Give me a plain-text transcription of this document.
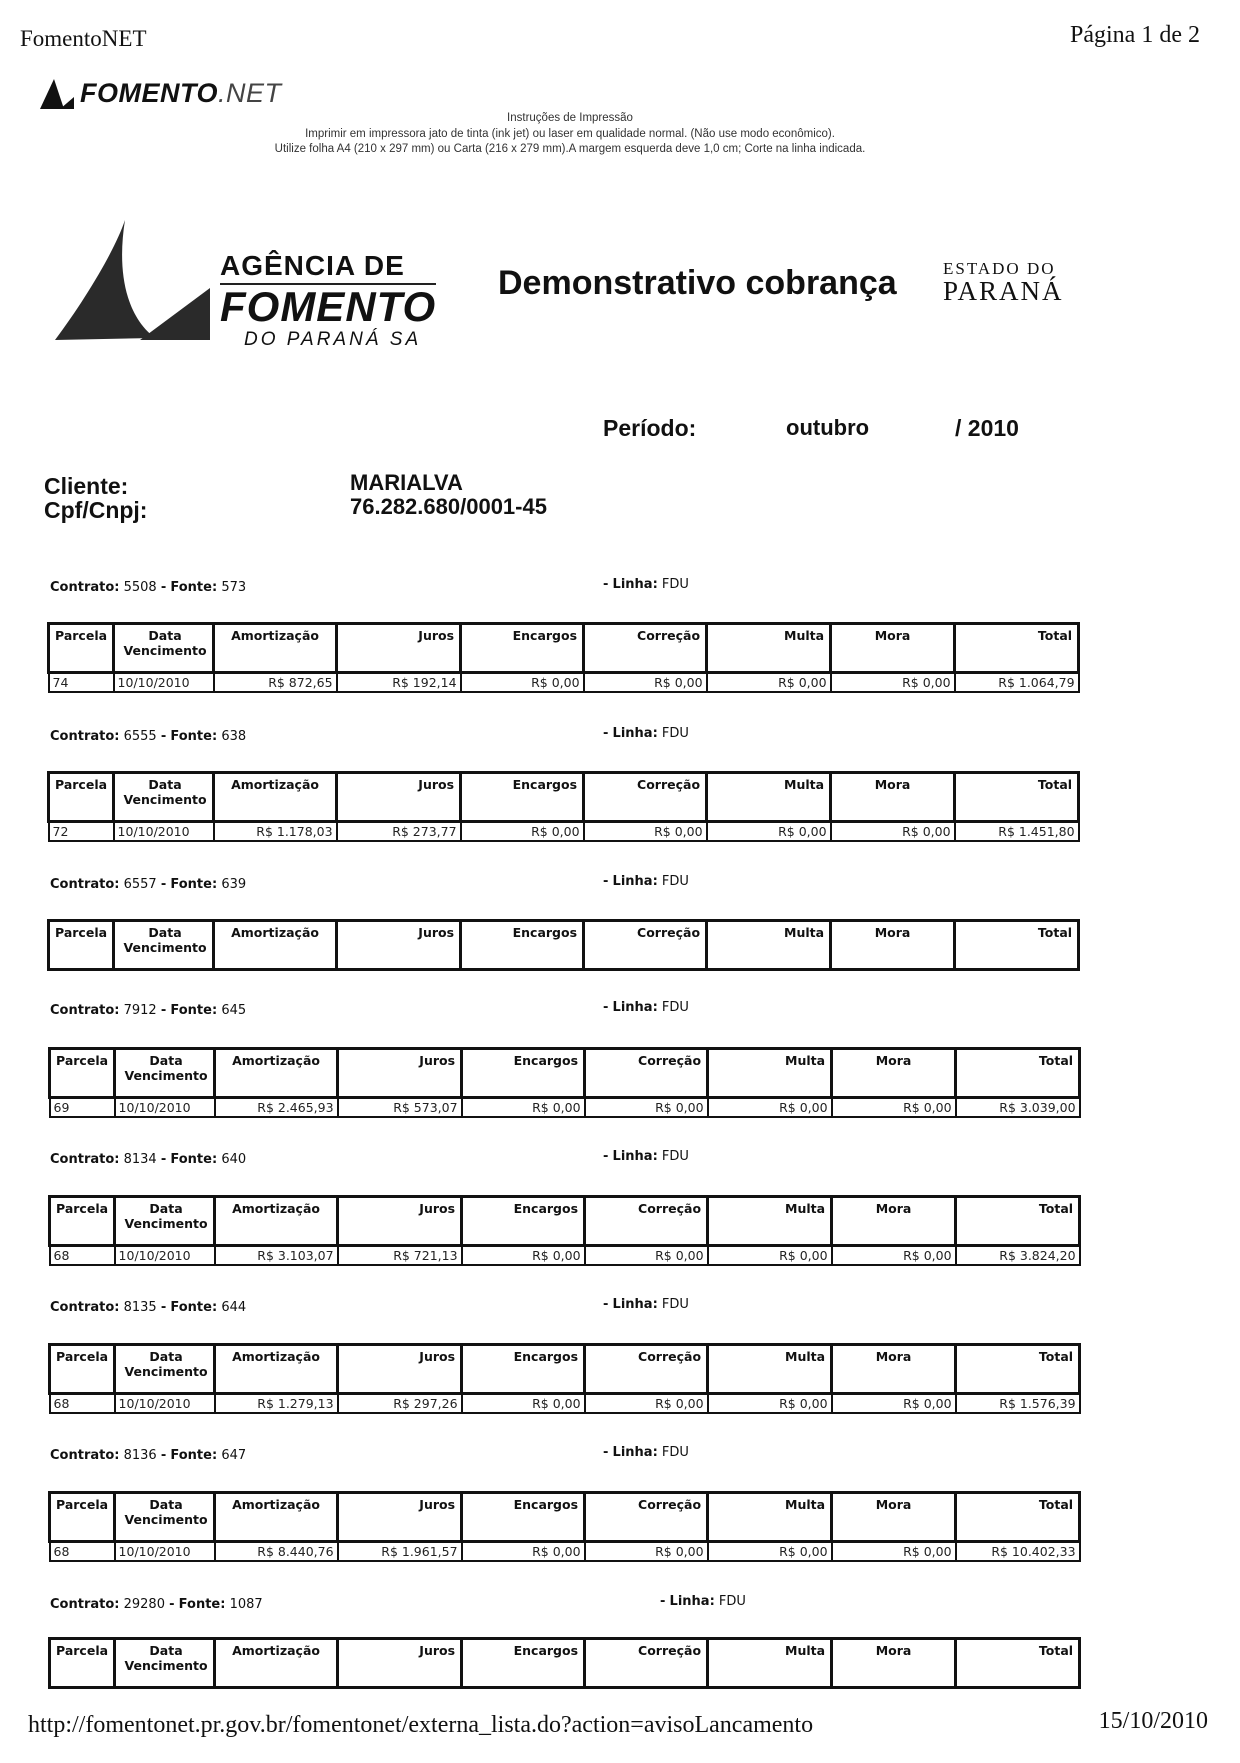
FomentoNET	Página 1 de 2
FOMENTO.NET
Instruções de Impressão
Imprimir em impressora jato de tinta (ink jet) ou laser em qualidade normal. (Não use modo econômico).
Utilize folha A4 (210 x 297 mm) ou Carta (216 x 279 mm).A margem esquerda deve 1,0 cm; Corte na linha indicada.
AGÊNCIA DE
FOMENTO
DO PARANÁ SA
Demonstrativo cobrança	ESTADO DO
PARANÁ
Período:	outubro	/ 2010
Cliente:
Cpf/Cnpj:
MARIALVA
76.282.680/0001-45
Contrato: 5508 - Fonte: 573	- Linha: FDU
Parcela	Data Vencimento	Amortização	Juros	Encargos	Correção	Multa	Mora	Total
74	10/10/2010	R$ 872,65	R$ 192,14	R$ 0,00	R$ 0,00	R$ 0,00	R$ 0,00	R$ 1.064,79
Contrato: 6555 - Fonte: 638	- Linha: FDU
Parcela	Data Vencimento	Amortização	Juros	Encargos	Correção	Multa	Mora	Total
72	10/10/2010	R$ 1.178,03	R$ 273,77	R$ 0,00	R$ 0,00	R$ 0,00	R$ 0,00	R$ 1.451,80
Contrato: 6557 - Fonte: 639	- Linha: FDU
Parcela	Data Vencimento	Amortização	Juros	Encargos	Correção	Multa	Mora	Total
Contrato: 7912 - Fonte: 645	- Linha: FDU
Parcela	Data Vencimento	Amortização	Juros	Encargos	Correção	Multa	Mora	Total
69	10/10/2010	R$ 2.465,93	R$ 573,07	R$ 0,00	R$ 0,00	R$ 0,00	R$ 0,00	R$ 3.039,00
Contrato: 8134 - Fonte: 640	- Linha: FDU
Parcela	Data Vencimento	Amortização	Juros	Encargos	Correção	Multa	Mora	Total
68	10/10/2010	R$ 3.103,07	R$ 721,13	R$ 0,00	R$ 0,00	R$ 0,00	R$ 0,00	R$ 3.824,20
Contrato: 8135 - Fonte: 644	- Linha: FDU
Parcela	Data Vencimento	Amortização	Juros	Encargos	Correção	Multa	Mora	Total
68	10/10/2010	R$ 1.279,13	R$ 297,26	R$ 0,00	R$ 0,00	R$ 0,00	R$ 0,00	R$ 1.576,39
Contrato: 8136 - Fonte: 647	- Linha: FDU
Parcela	Data Vencimento	Amortização	Juros	Encargos	Correção	Multa	Mora	Total
68	10/10/2010	R$ 8.440,76	R$ 1.961,57	R$ 0,00	R$ 0,00	R$ 0,00	R$ 0,00	R$ 10.402,33
Contrato: 29280 - Fonte: 1087	- Linha: FDU
Parcela	Data Vencimento	Amortização	Juros	Encargos	Correção	Multa	Mora	Total
http://fomentonet.pr.gov.br/fomentonet/externa_lista.do?action=avisoLancamento	15/10/2010
